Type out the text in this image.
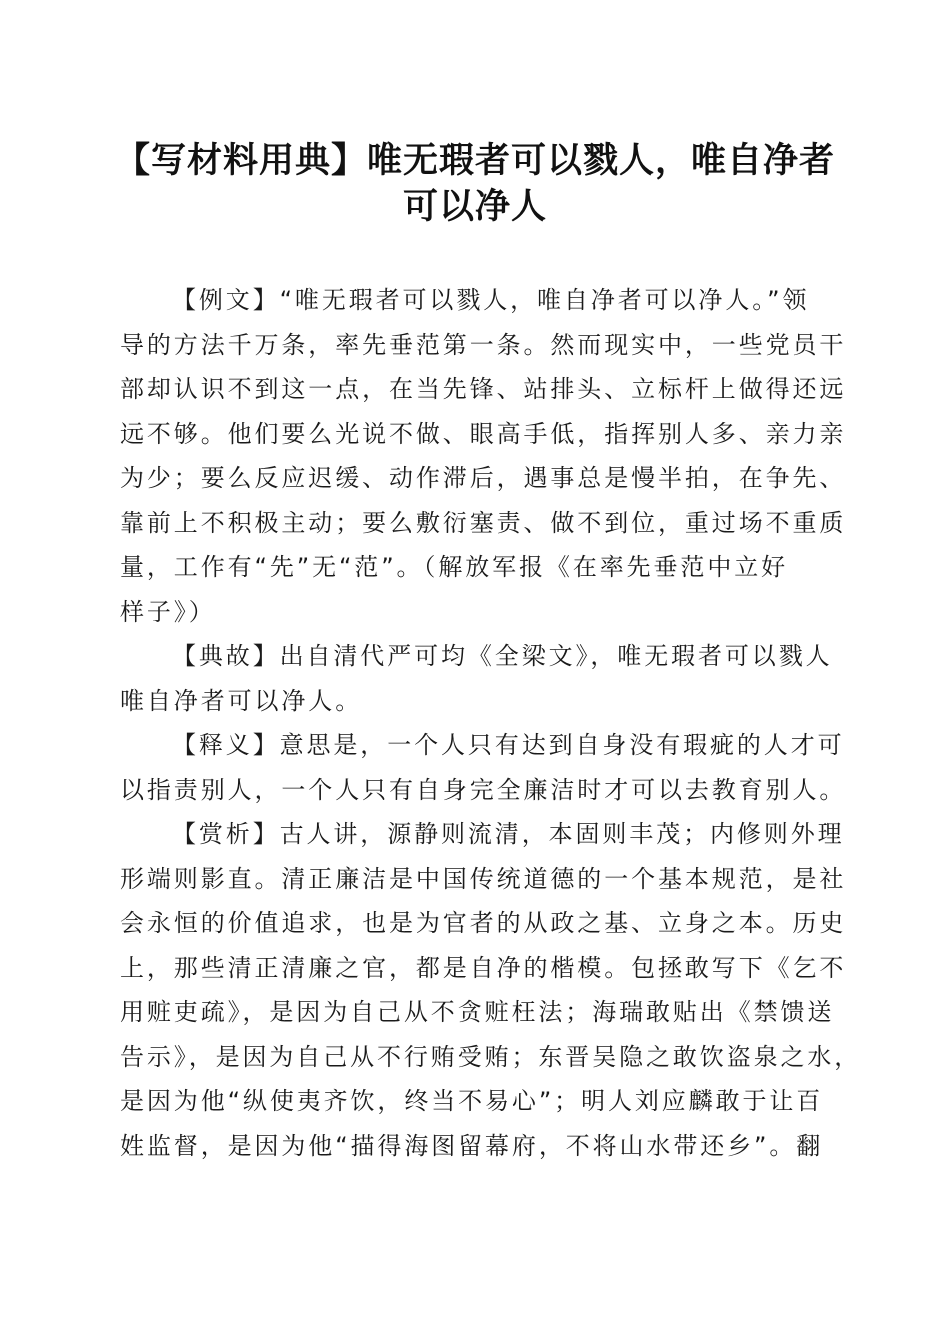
【写材料用典】唯无瑕者可以戮人，唯自净者
可以净人

【例文】“唯无瑕者可以戮人，唯自净者可以净人。”领
导的方法千万条，率先垂范第一条。然而现实中，一些党员干
部却认识不到这一点，在当先锋、站排头、立标杆上做得还远
远不够。他们要么光说不做、眼高手低，指挥别人多、亲力亲
为少；要么反应迟缓、动作滞后，遇事总是慢半拍，在争先、
靠前上不积极主动；要么敷衍塞责、做不到位，重过场不重质
量，工作有“先”无“范”。（解放军报《在率先垂范中立好
样子》）

【典故】出自清代严可均《全梁文》，唯无瑕者可以戮人
唯自净者可以净人。

【释义】意思是，一个人只有达到自身没有瑕疵的人才可
以指责别人，一个人只有自身完全廉洁时才可以去教育别人。

【赏析】古人讲，源静则流清，本固则丰茂；内修则外理
形端则影直。清正廉洁是中国传统道德的一个基本规范，是社
会永恒的价值追求，也是为官者的从政之基、立身之本。历史
上，那些清正清廉之官，都是自净的楷模。包拯敢写下《乞不
用赃吏疏》，是因为自己从不贪赃枉法；海瑞敢贴出《禁馈送
告示》，是因为自己从不行贿受贿；东晋吴隐之敢饮盗泉之水，
是因为他“纵使夷齐饮，终当不易心”；明人刘应麟敢于让百
姓监督，是因为他“描得海图留幕府，不将山水带还乡”。翻
